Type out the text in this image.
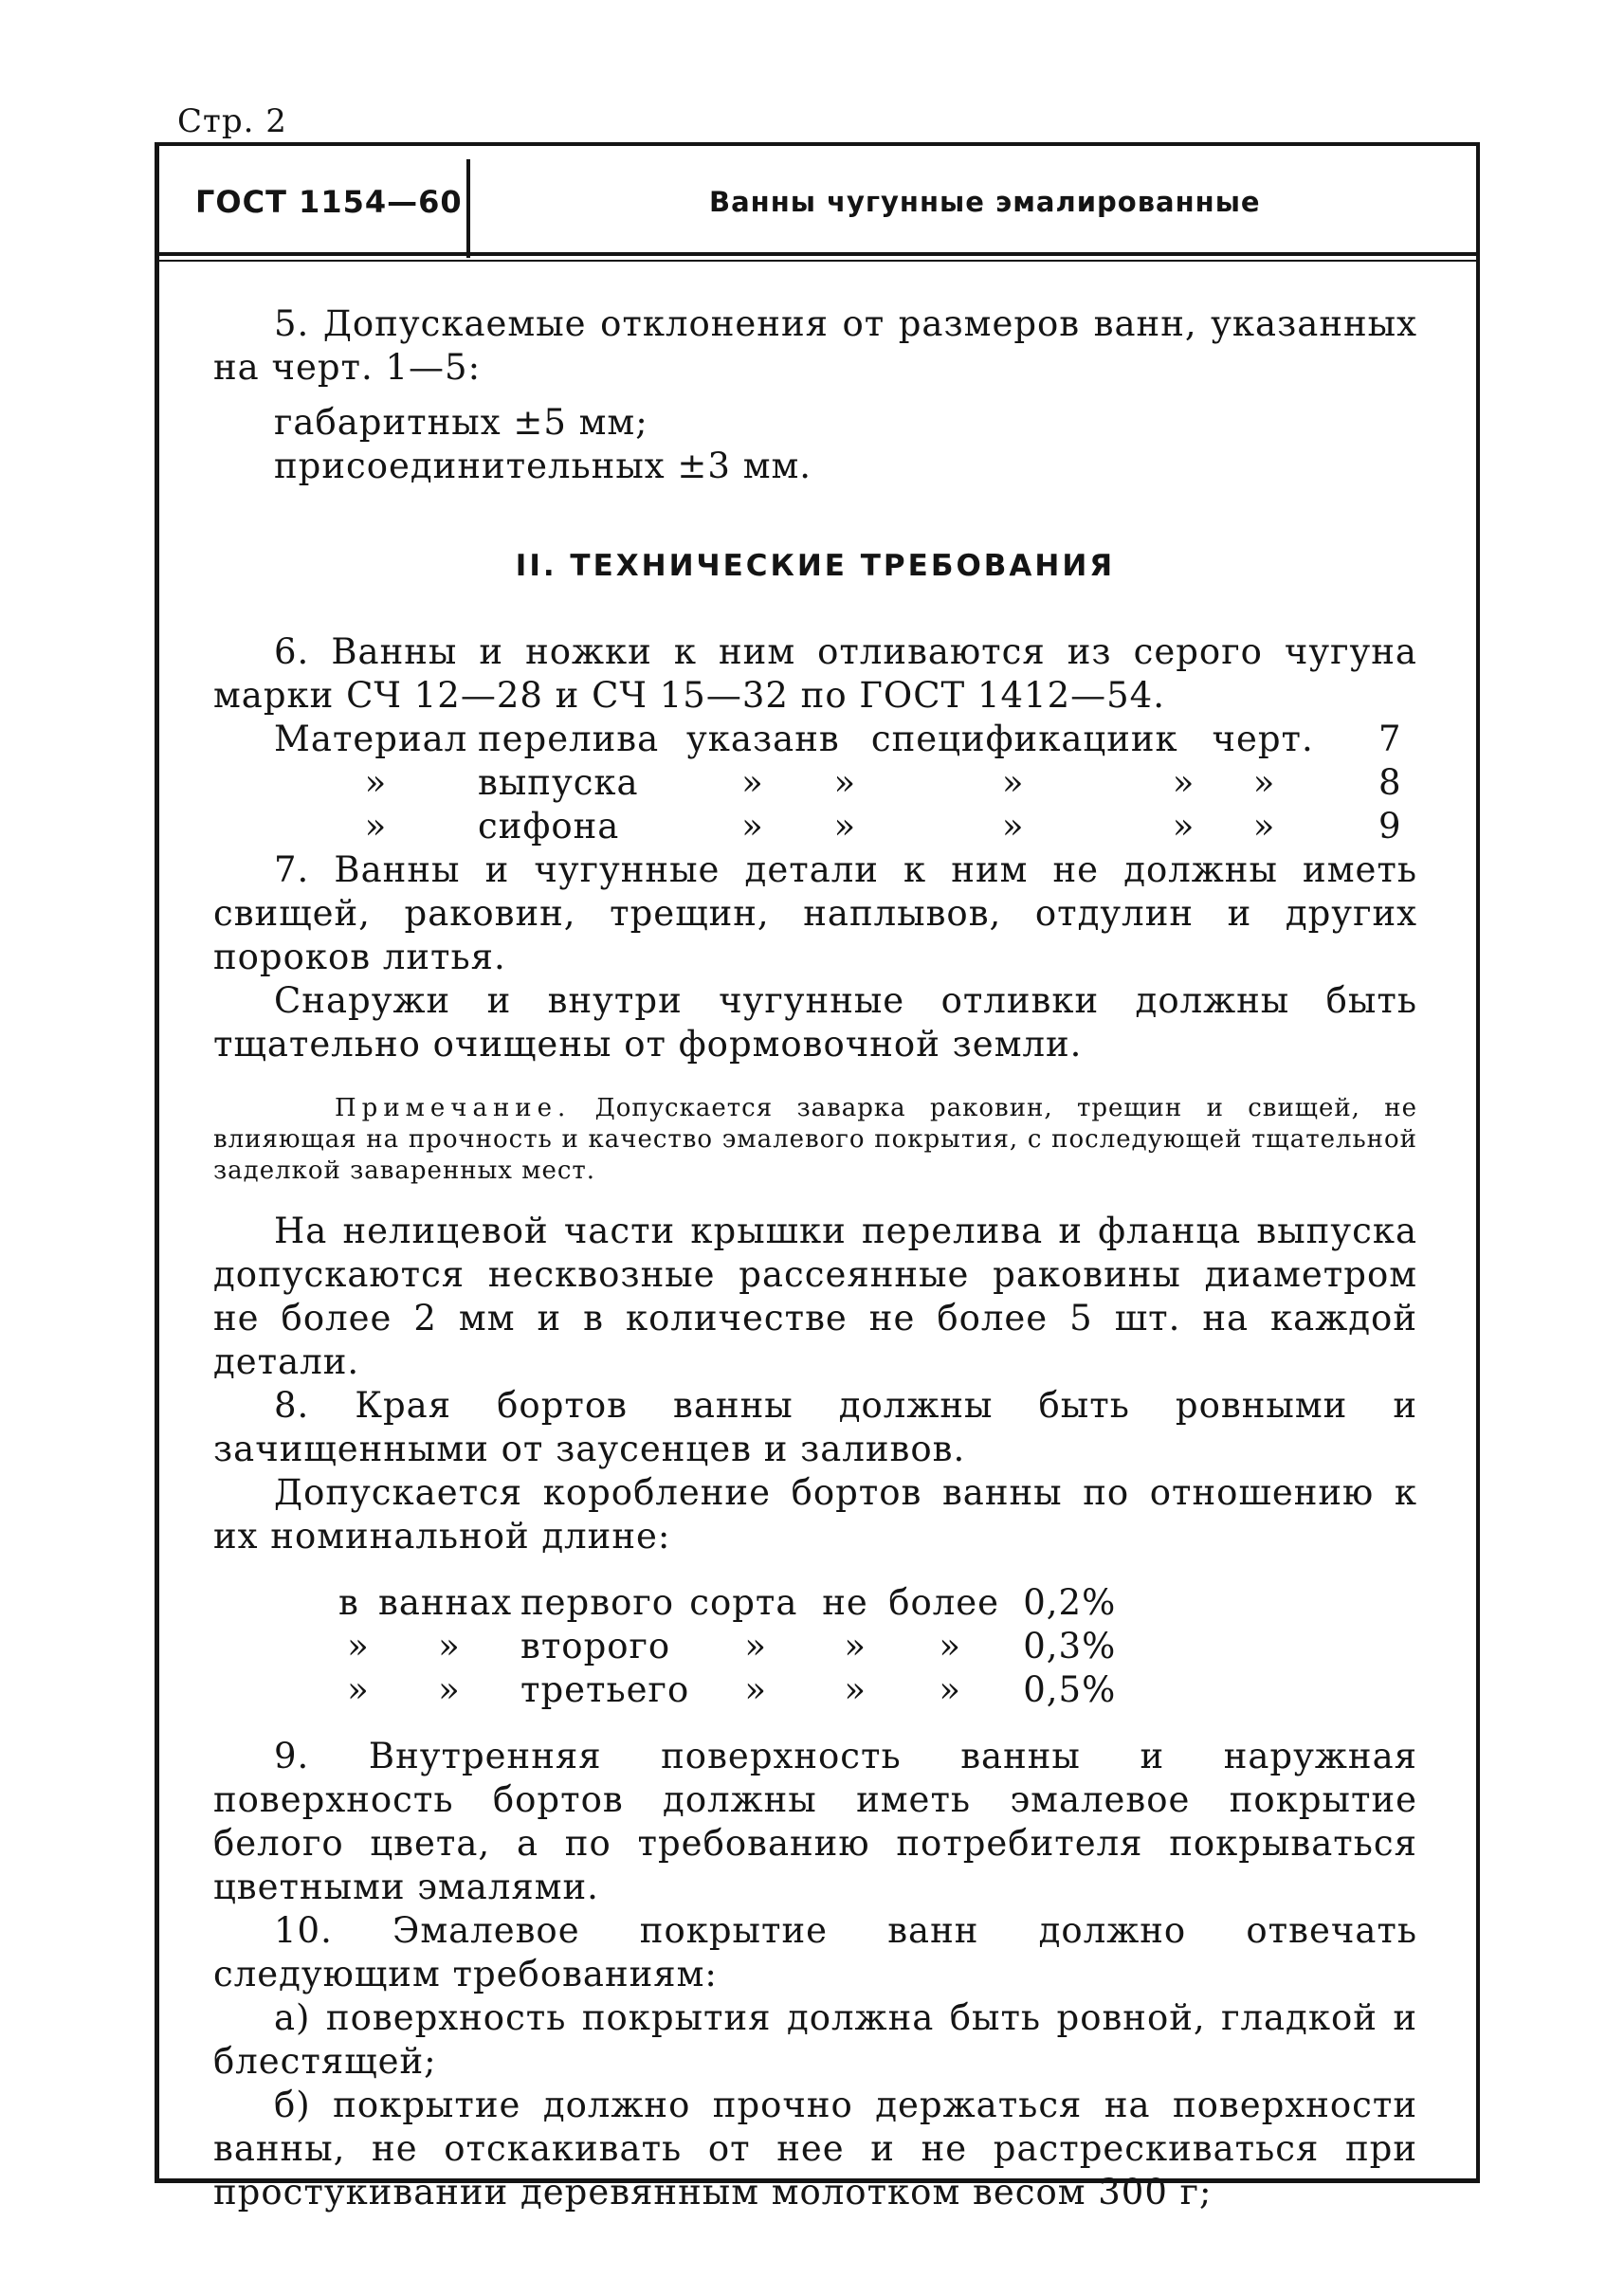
Стр. 2
ГОСТ 1154—60	Ванны чугунные эмалированные

5. Допускаемые отклонения от размеров ванн, указанных на черт. 1—5:

габаритных ±5 мм;

присоединительных ±3 мм.

II. ТЕХНИЧЕСКИЕ ТРЕБОВАНИЯ

6. Ванны и ножки к ним отливаются из серого чугуна марки СЧ 12—28 и СЧ 15—32 по ГОСТ 1412—54.

Материал	перелива	указан	в	спецификации	к	черт.	7
»	выпуска	»	»	»	»	»	8
»	сифона	»	»	»	»	»	9

7. Ванны и чугунные детали к ним не должны иметь свищей, раковин, трещин, наплывов, отдулин и других пороков литья.

Снаружи и внутри чугунные отливки должны быть тщательно очищены от формовочной земли.

Примечание. Допускается заварка раковин, трещин и свищей, не влияющая на прочность и качество эмалевого покрытия, с последующей тщательной заделкой заваренных мест.

На нелицевой части крышки перелива и фланца выпуска допускаются несквозные рассеянные раковины диаметром не более 2 мм и в количестве не более 5 шт. на каждой детали.

8. Края бортов ванны должны быть ровными и зачищенными от заусенцев и заливов.

Допускается коробление бортов ванны по отношению к их номинальной длине:

в	ваннах	первого	сорта	не	более	0,2%
»	»	второго	»	»	»	0,3%
»	»	третьего	»	»	»	0,5%

9. Внутренняя поверхность ванны и наружная поверхность бортов должны иметь эмалевое покрытие белого цвета, а по требованию потребителя покрываться цветными эмалями.

10. Эмалевое покрытие ванн должно отвечать следующим требованиям:

а) поверхность покрытия должна быть ровной, гладкой и блестящей;

б) покрытие должно прочно держаться на поверхности ванны, не отскакивать от нее и не растрескиваться при простукивании деревянным молотком весом 300 г;
